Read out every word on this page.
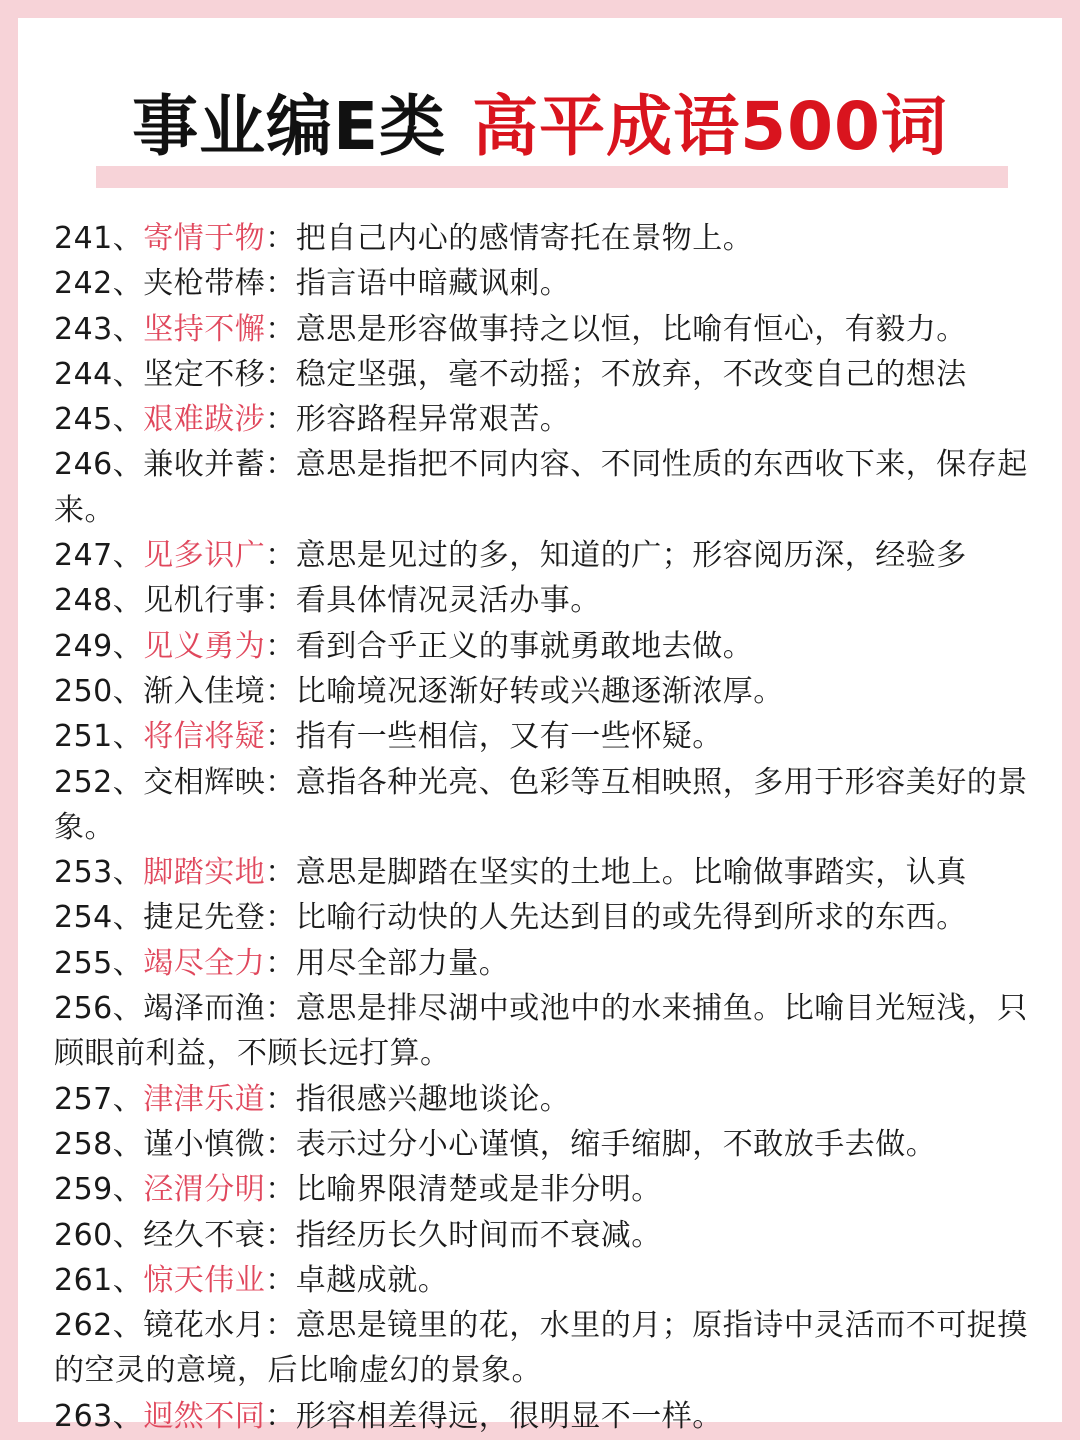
事业编E类 高平成语500词
241、寄情于物：把自己内心的感情寄托在景物上。
242、夹枪带棒：指言语中暗藏讽刺。
243、坚持不懈：意思是形容做事持之以恒，比喻有恒心，有毅力。
244、坚定不移：稳定坚强，毫不动摇；不放弃，不改变自己的想法
245、艰难跋涉：形容路程异常艰苦。
246、兼收并蓄：意思是指把不同内容、不同性质的东西收下来，保存起来。
247、见多识广：意思是见过的多，知道的广；形容阅历深，经验多
248、见机行事：看具体情况灵活办事。
249、见义勇为：看到合乎正义的事就勇敢地去做。
250、渐入佳境：比喻境况逐渐好转或兴趣逐渐浓厚。
251、将信将疑：指有一些相信，又有一些怀疑。
252、交相辉映：意指各种光亮、色彩等互相映照，多用于形容美好的景象。
253、脚踏实地：意思是脚踏在坚实的土地上。比喻做事踏实，认真
254、捷足先登：比喻行动快的人先达到目的或先得到所求的东西。
255、竭尽全力：用尽全部力量。
256、竭泽而渔：意思是排尽湖中或池中的水来捕鱼。比喻目光短浅，只顾眼前利益，不顾长远打算。
257、津津乐道：指很感兴趣地谈论。
258、谨小慎微：表示过分小心谨慎，缩手缩脚，不敢放手去做。
259、泾渭分明：比喻界限清楚或是非分明。
260、经久不衰：指经历长久时间而不衰减。
261、惊天伟业：卓越成就。
262、镜花水月：意思是镜里的花，水里的月；原指诗中灵活而不可捉摸的空灵的意境，后比喻虚幻的景象。
263、迥然不同：形容相差得远，很明显不一样。
